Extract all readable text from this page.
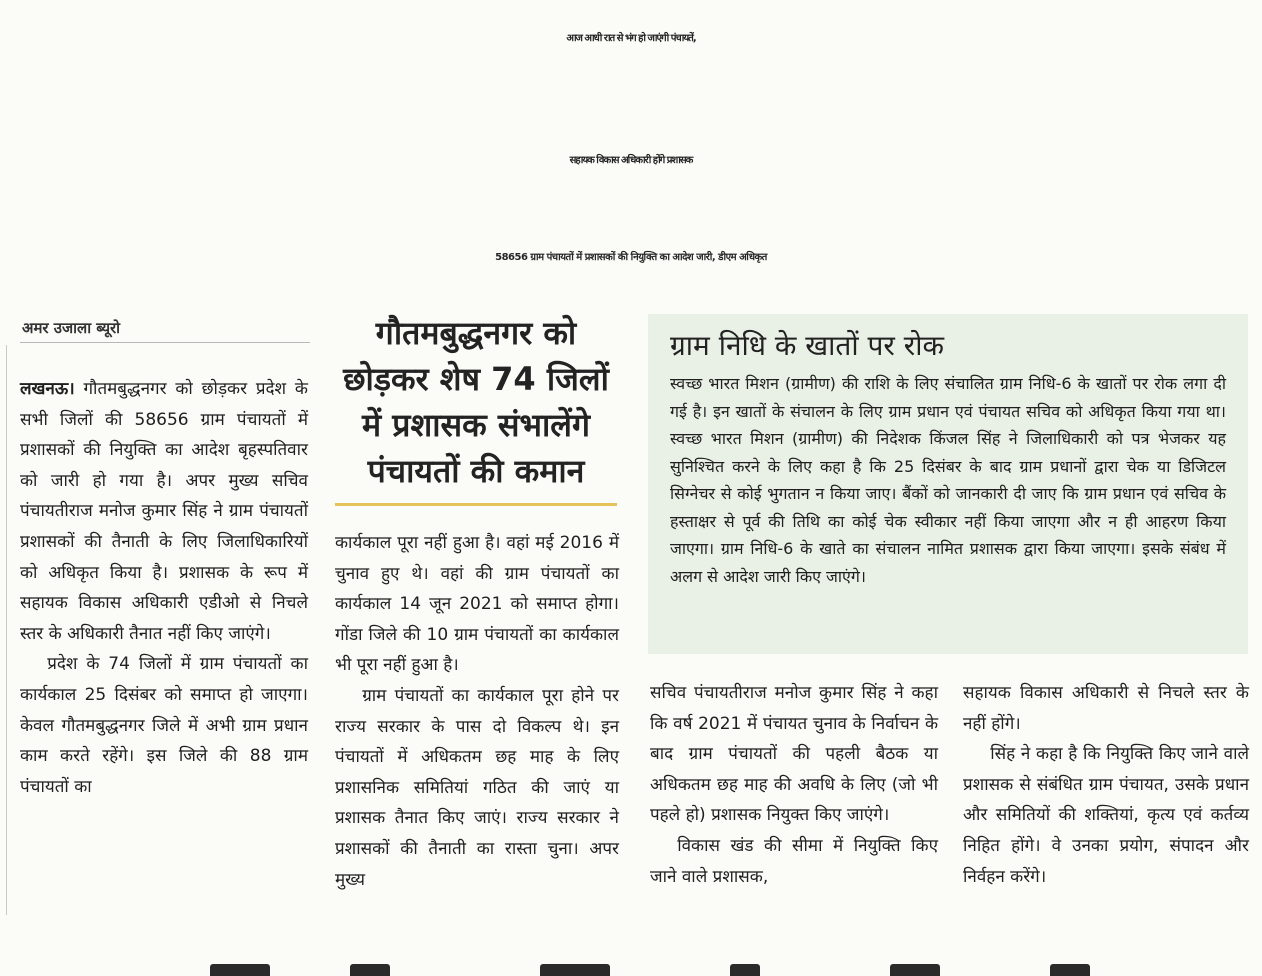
आज आधी रात से भंग हो जाएंगी पंचायतें,
सहायक विकास अधिकारी होंगे प्रशासक
58656 ग्राम पंचायतों में प्रशासकों की नियुक्ति का आदेश जारी, डीएम अधिकृत
अमर उजाला ब्यूरो

लखनऊ। गौतमबुद्धनगर को छोड़कर प्रदेश के सभी जिलों की 58656 ग्राम पंचायतों में प्रशासकों की नियुक्ति का आदेश बृहस्पतिवार को जारी हो गया है। अपर मुख्य सचिव पंचायतीराज मनोज कुमार सिंह ने ग्राम पंचायतों प्रशासकों की तैनाती के लिए जिलाधिकारियों को अधिकृत किया है। प्रशासक के रूप में सहायक विकास अधिकारी एडीओ से निचले स्तर के अधिकारी तैनात नहीं किए जाएंगे।

प्रदेश के 74 जिलों में ग्राम पंचायतों का कार्यकाल 25 दिसंबर को समाप्त हो जाएगा। केवल गौतमबुद्धनगर जिले में अभी ग्राम प्रधान काम करते रहेंगे। इस जिले की 88 ग्राम पंचायतों का

गौतमबुद्धनगर को छोड़कर शेष 74 जिलों में प्रशासक संभालेंगे पंचायतों की कमान

कार्यकाल पूरा नहीं हुआ है। वहां मई 2016 में चुनाव हुए थे। वहां की ग्राम पंचायतों का कार्यकाल 14 जून 2021 को समाप्त होगा। गोंडा जिले की 10 ग्राम पंचायतों का कार्यकाल भी पूरा नहीं हुआ है।

ग्राम पंचायतों का कार्यकाल पूरा होने पर राज्य सरकार के पास दो विकल्प थे। इन पंचायतों में अधिकतम छह माह के लिए प्रशासनिक समितियां गठित की जाएं या प्रशासक तैनात किए जाएं। राज्य सरकार ने प्रशासकों की तैनाती का रास्ता चुना। अपर मुख्य

ग्राम निधि के खातों पर रोक

स्वच्छ भारत मिशन (ग्रामीण) की राशि के लिए संचालित ग्राम निधि-6 के खातों पर रोक लगा दी गई है। इन खातों के संचालन के लिए ग्राम प्रधान एवं पंचायत सचिव को अधिकृत किया गया था। स्वच्छ भारत मिशन (ग्रामीण) की निदेशक किंजल सिंह ने जिलाधिकारी को पत्र भेजकर यह सुनिश्चित करने के लिए कहा है कि 25 दिसंबर के बाद ग्राम प्रधानों द्वारा चेक या डिजिटल सिग्नेचर से कोई भुगतान न किया जाए। बैंकों को जानकारी दी जाए कि ग्राम प्रधान एवं सचिव के हस्ताक्षर से पूर्व की तिथि का कोई चेक स्वीकार नहीं किया जाएगा और न ही आहरण किया जाएगा। ग्राम निधि-6 के खाते का संचालन नामित प्रशासक द्वारा किया जाएगा। इसके संबंध में अलग से आदेश जारी किए जाएंगे।

सचिव पंचायतीराज मनोज कुमार सिंह ने कहा कि वर्ष 2021 में पंचायत चुनाव के निर्वाचन के बाद ग्राम पंचायतों की पहली बैठक या अधिकतम छह माह की अवधि के लिए (जो भी पहले हो) प्रशासक नियुक्त किए जाएंगे।

विकास खंड की सीमा में नियुक्ति किए जाने वाले प्रशासक,

सहायक विकास अधिकारी से निचले स्तर के नहीं होंगे।

सिंह ने कहा है कि नियुक्ति किए जाने वाले प्रशासक से संबंधित ग्राम पंचायत, उसके प्रधान और समितियों की शक्तियां, कृत्य एवं कर्तव्य निहित होंगे। वे उनका प्रयोग, संपादन और निर्वहन करेंगे।
